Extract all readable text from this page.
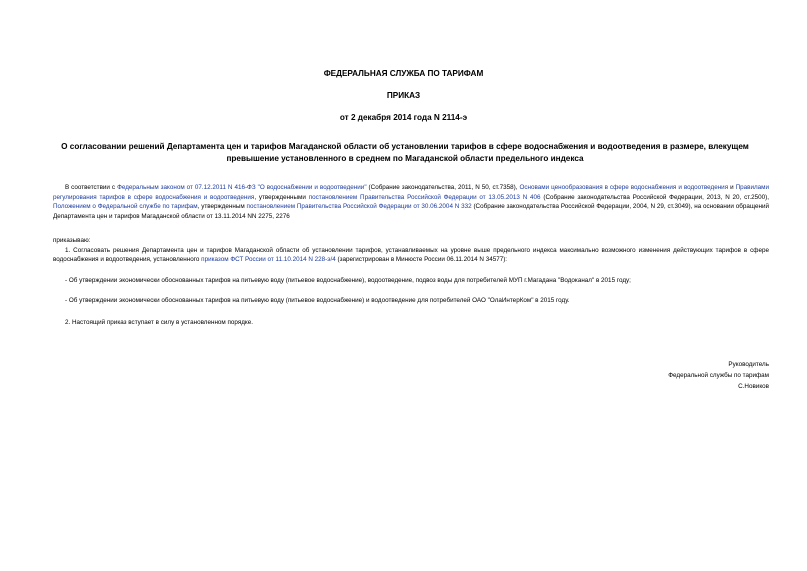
ФЕДЕРАЛЬНАЯ СЛУЖБА ПО ТАРИФАМ
ПРИКАЗ
от 2 декабря 2014 года N 2114-э
О согласовании решений Департамента цен и тарифов Магаданской области об установлении тарифов в сфере водоснабжения и водоотведения в размере, влекущем превышение установленного в среднем по Магаданской области предельного индекса

В соответствии с Федеральным законом от 07.12.2011 N 416-ФЗ "О водоснабжении и водоотведении" (Собрание законодательства, 2011, N 50, ст.7358), Основами ценообразования в сфере водоснабжения и водоотведения и Правилами регулирования тарифов в сфере водоснабжения и водоотведения, утвержденными постановлением Правительства Российской Федерации от 13.05.2013 N 406 (Собрание законодательства Российской Федерации, 2013, N 20, ст.2500), Положением о Федеральной службе по тарифам, утвержденным постановлением Правительства Российской Федерации от 30.06.2004 N 332 (Собрание законодательства Российской Федерации, 2004, N 29, ст.3049), на основании обращений Департамента цен и тарифов Магаданской области от 13.11.2014 NN 2275, 2276

приказываю:

1. Согласовать решения Департамента цен и тарифов Магаданской области об установлении тарифов, устанавливаемых на уровне выше предельного индекса максимально возможного изменения действующих тарифов в сфере водоснабжения и водоотведения, установленного приказом ФСТ России от 11.10.2014 N 228-э/4 (зарегистрирован в Минюсте России 06.11.2014 N 34577):

- Об утверждении экономически обоснованных тарифов на питьевую воду (питьевое водоснабжение), водоотведение, подвоз воды для потребителей МУП г.Магадана "Водоканал" в 2015 году;

- Об утверждении экономически обоснованных тарифов на питьевую воду (питьевое водоснабжение) и водоотведение для потребителей ОАО "ОлаИнтерКом" в 2015 году.

2. Настоящий приказ вступает в силу в установленном порядке.

Руководитель
Федеральной службы по тарифам
С.Новиков
